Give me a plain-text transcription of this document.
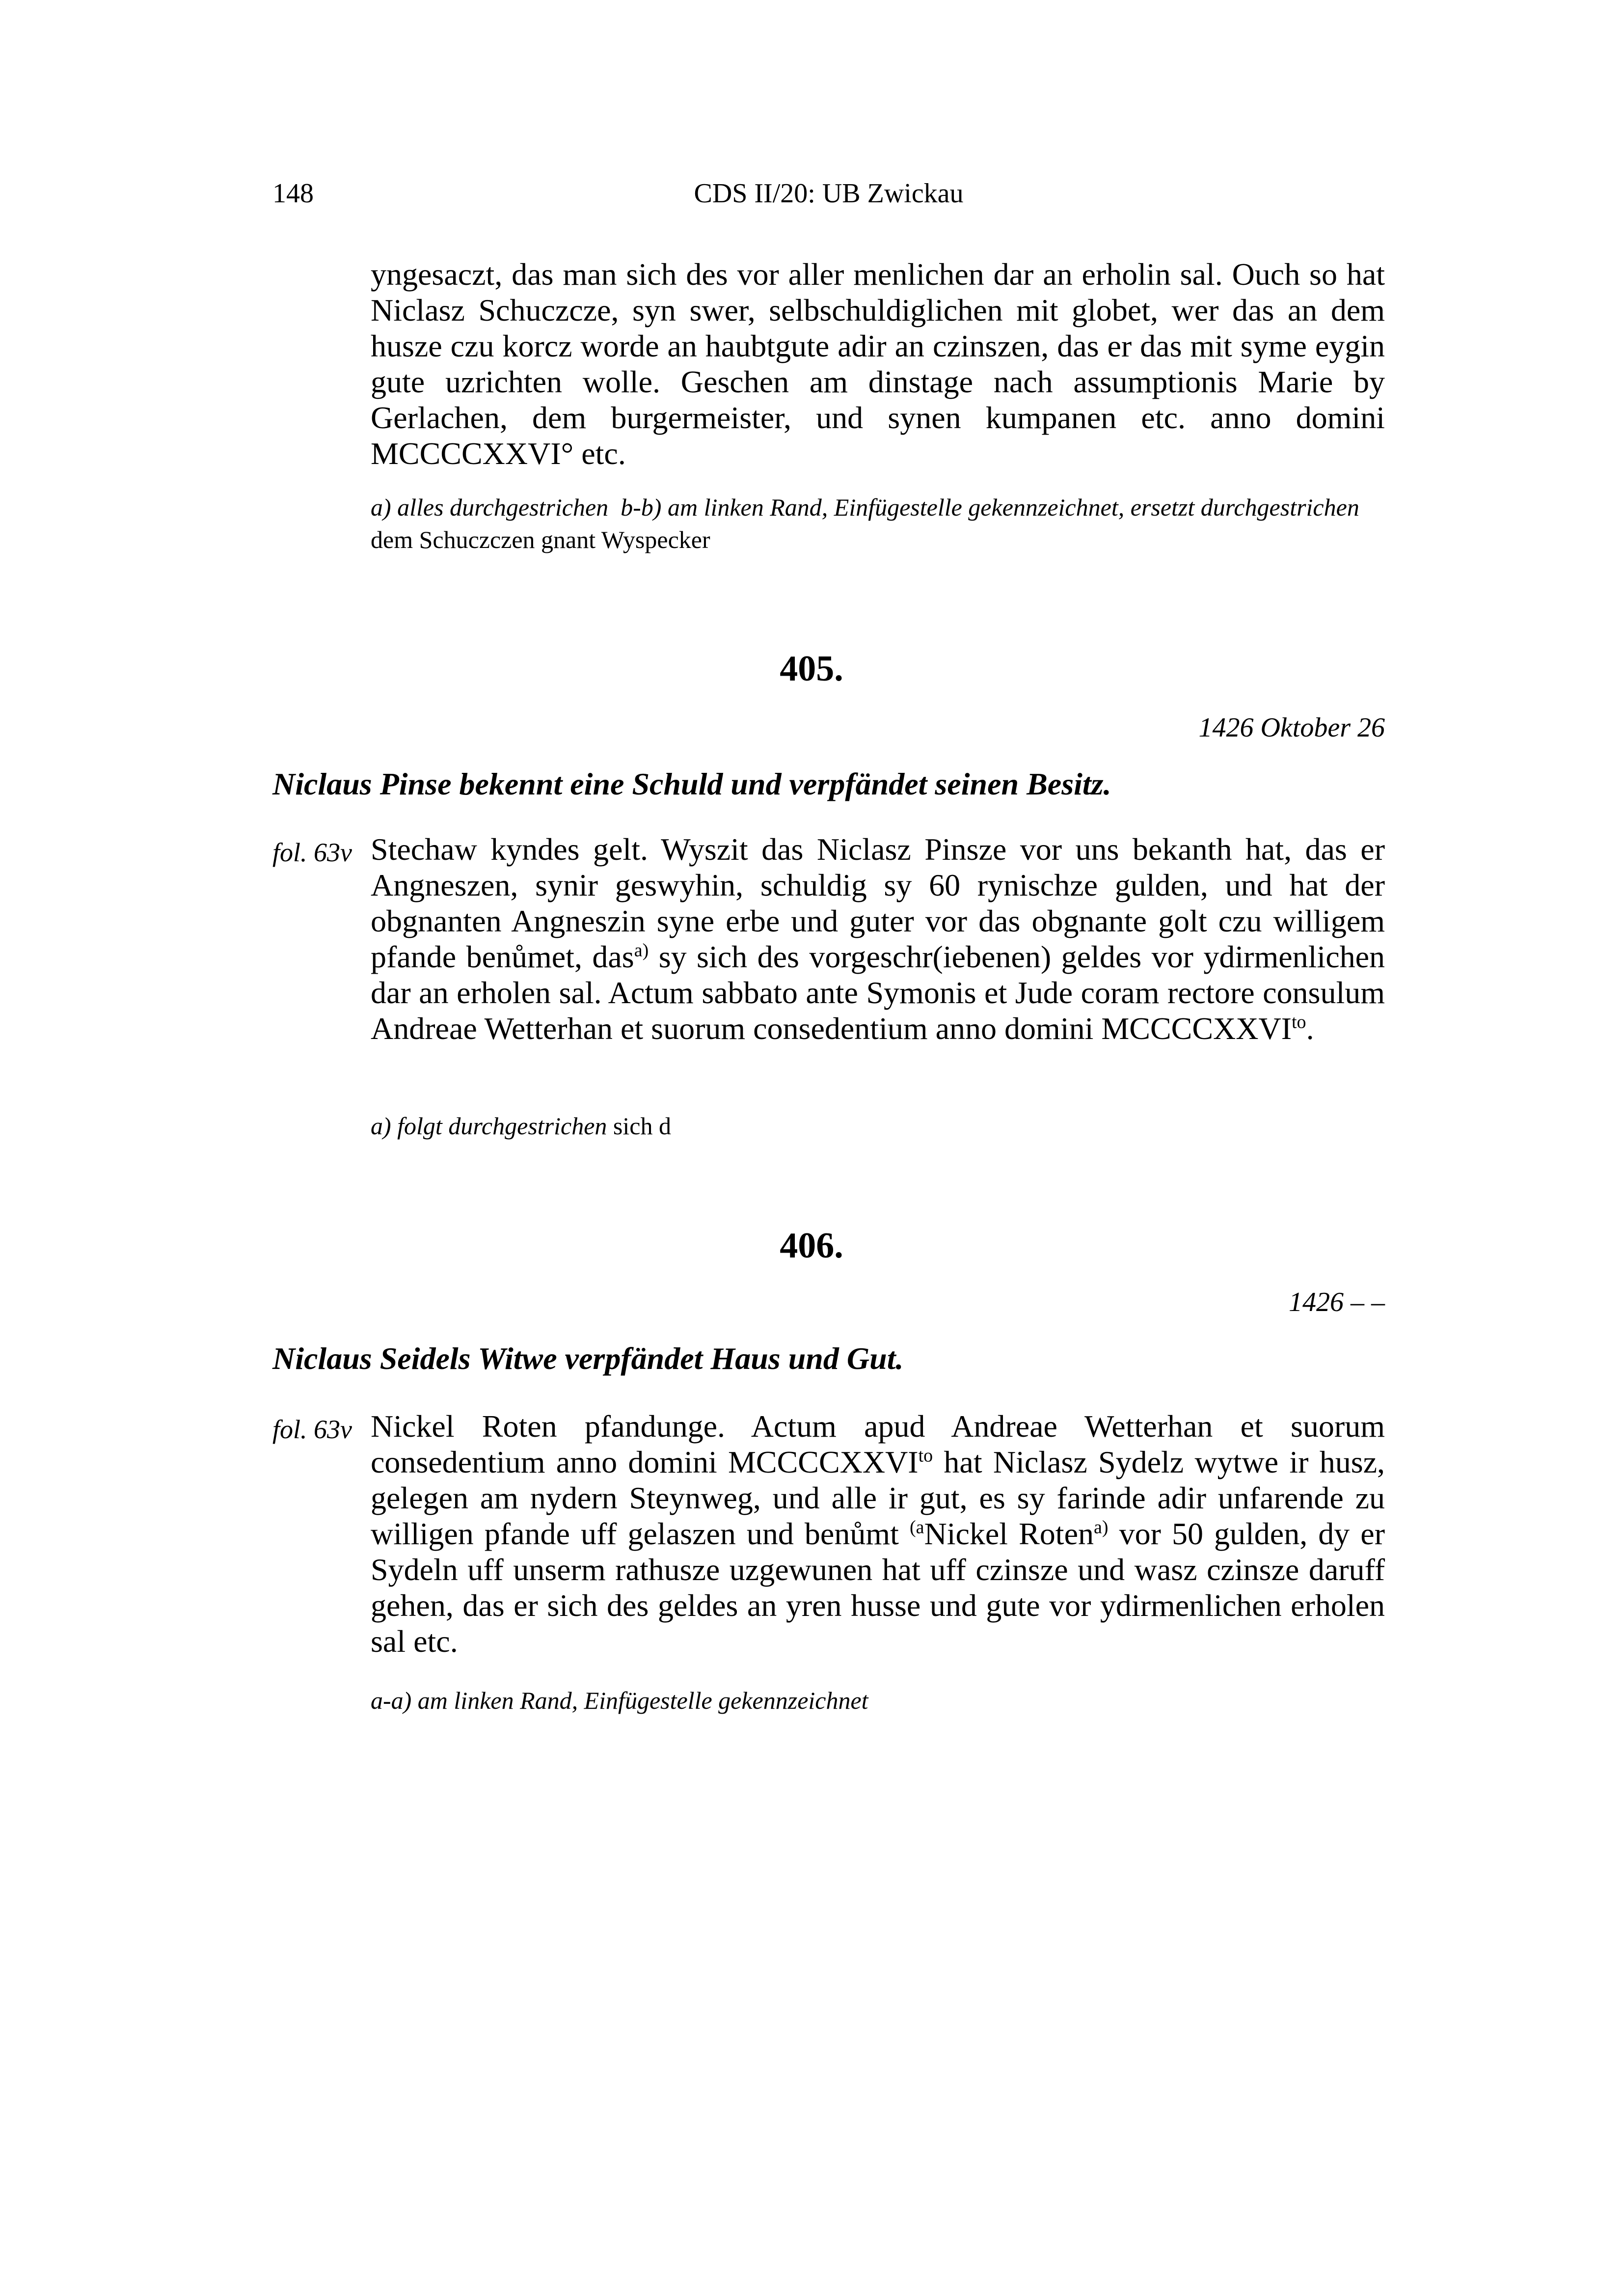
148	CDS II/20: UB Zwickau

yngesaczt, das man sich des vor aller menlichen dar an erholin sal. Ouch so hat Niclasz Schuczcze, syn swer, selbschuldiglichen mit globet, wer das an dem husze czu korcz worde an haubtgute adir an czinszen, das er das mit syme eygin gute uzrichten wolle. Geschen am dinstage nach assumptionis Marie by Gerlachen, dem burgermeister, und synen kumpanen etc. anno domini MCCCCXXVI° etc.

a) alles durchgestrichen b-b) am linken Rand, Einfügestelle gekennzeichnet, ersetzt durchgestrichen dem Schuczczen gnant Wyspecker

405.
1426 Oktober 26

Niclaus Pinse bekennt eine Schuld und verpfändet seinen Besitz.

fol. 63v Stechaw kyndes gelt. Wyszit das Niclasz Pinsze vor uns bekanth hat, das er Angneszen, synir geswyhin, schuldig sy 60 rynischze gulden, und hat der obgnanten Angneszin syne erbe und guter vor das obgnante golt czu willigem pfande benůmet, das$^{a)}$ sy sich des vorgeschr(iebenen) geldes vor ydirmenlichen dar an erholen sal. Actum sabbato ante Symonis et Jude coram rectore consulum Andreae Wetterhan et suorum consedentium anno domini $MCCCCXXVI^{to}$.

a) folgt durchgestrichen sich d

406.
1426 – –

Niclaus Seidels Witwe verpfändet Haus und Gut.

fol. 63v Nickel Roten pfandunge. Actum apud Andreae Wetterhan et suorum consedentium anno domini $MCCCCXXVI^{to}$ hat Niclasz Sydelz wytwe ir husz, gelegen am nydern Steynweg, und alle ir gut, es sy farinde adir unfarende zu willigen pfande uff gelaszen und benůmt $^{(a}$Nickel Roten$^{a)}$ vor 50 gulden, dy er Sydeln uff unserm rathusze uzgewunen hat uff czinsze und wasz czinsze daruff gehen, das er sich des geldes an yren husse und gute vor ydirmenlichen erholen sal etc.

a-a) am linken Rand, Einfügestelle gekennzeichnet
